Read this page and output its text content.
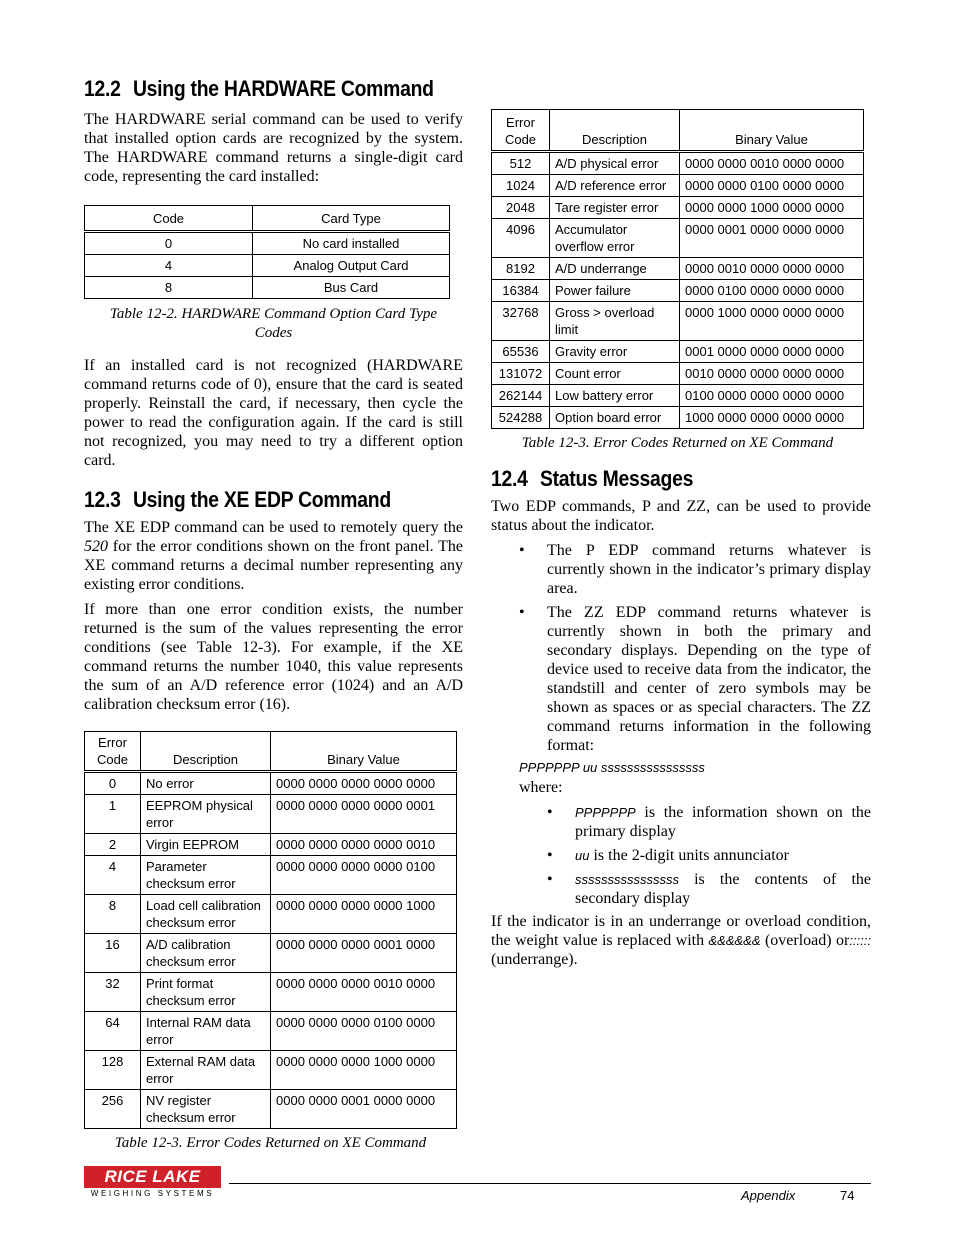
12.2 Using the HARDWARE Command

The HARDWARE serial command can be used to verify that installed option cards are recognized by the system. The HARDWARE command returns a single-digit card code, representing the card installed:

Code	Card Type
0	No card installed
4	Analog Output Card
8	Bus Card
Table 12-2. HARDWARE Command Option Card Type Codes

If an installed card is not recognized (HARDWARE command returns code of 0), ensure that the card is seated properly. Reinstall the card, if necessary, then cycle the power to read the configuration again. If the card is still not recognized, you may need to try a different option card.

12.3 Using the XE EDP Command

The XE EDP command can be used to remotely query the 520 for the error conditions shown on the front panel. The XE command returns a decimal number representing any existing error conditions.

If more than one error condition exists, the number returned is the sum of the values representing the error conditions (see Table 12-3). For example, if the XE command returns the number 1040, this value represents the sum of an A/D reference error (1024) and an A/D calibration checksum error (16).

Error Code	Description	Binary Value
0	No error	0000 0000 0000 0000 0000
1	EEPROM physical error	0000 0000 0000 0000 0001
2	Virgin EEPROM	0000 0000 0000 0000 0010
4	Parameter checksum error	0000 0000 0000 0000 0100
8	Load cell calibration checksum error	0000 0000 0000 0000 1000
16	A/D calibration checksum error	0000 0000 0000 0001 0000
32	Print format checksum error	0000 0000 0000 0010 0000
64	Internal RAM data error	0000 0000 0000 0100 0000
128	External RAM data error	0000 0000 0000 1000 0000
256	NV register checksum error	0000 0000 0001 0000 0000
Table 12-3. Error Codes Returned on XE Command
Error Code	Description	Binary Value
512	A/D physical error	0000 0000 0010 0000 0000
1024	A/D reference error	0000 0000 0100 0000 0000
2048	Tare register error	0000 0000 1000 0000 0000
4096	Accumulator overflow error	0000 0001 0000 0000 0000
8192	A/D underrange	0000 0010 0000 0000 0000
16384	Power failure	0000 0100 0000 0000 0000
32768	Gross > overload limit	0000 1000 0000 0000 0000
65536	Gravity error	0001 0000 0000 0000 0000
131072	Count error	0010 0000 0000 0000 0000
262144	Low battery error	0100 0000 0000 0000 0000
524288	Option board error	1000 0000 0000 0000 0000
Table 12-3. Error Codes Returned on XE Command
12.4 Status Messages

Two EDP commands, P and ZZ, can be used to provide status about the indicator.

• The P EDP command returns whatever is currently shown in the indicator’s primary display area.
• The ZZ EDP command returns whatever is currently shown in both the primary and secondary displays. Depending on the type of device used to receive data from the indicator, the standstill and center of zero symbols may be shown as spaces or as special characters. The ZZ command returns information in the following format:
PPPPPPP uu ssssssssssssssss
where:
• PPPPPPP is the information shown on the primary display
• uu is the 2-digit units annunciator
• ssssssssssssssss is the contents of the secondary display

If the indicator is in an underrange or overload condition, the weight value is replaced with &&&&&& (overload) or:::::: (underrange).

RICE LAKE
WEIGHING SYSTEMS	Appendix	74
